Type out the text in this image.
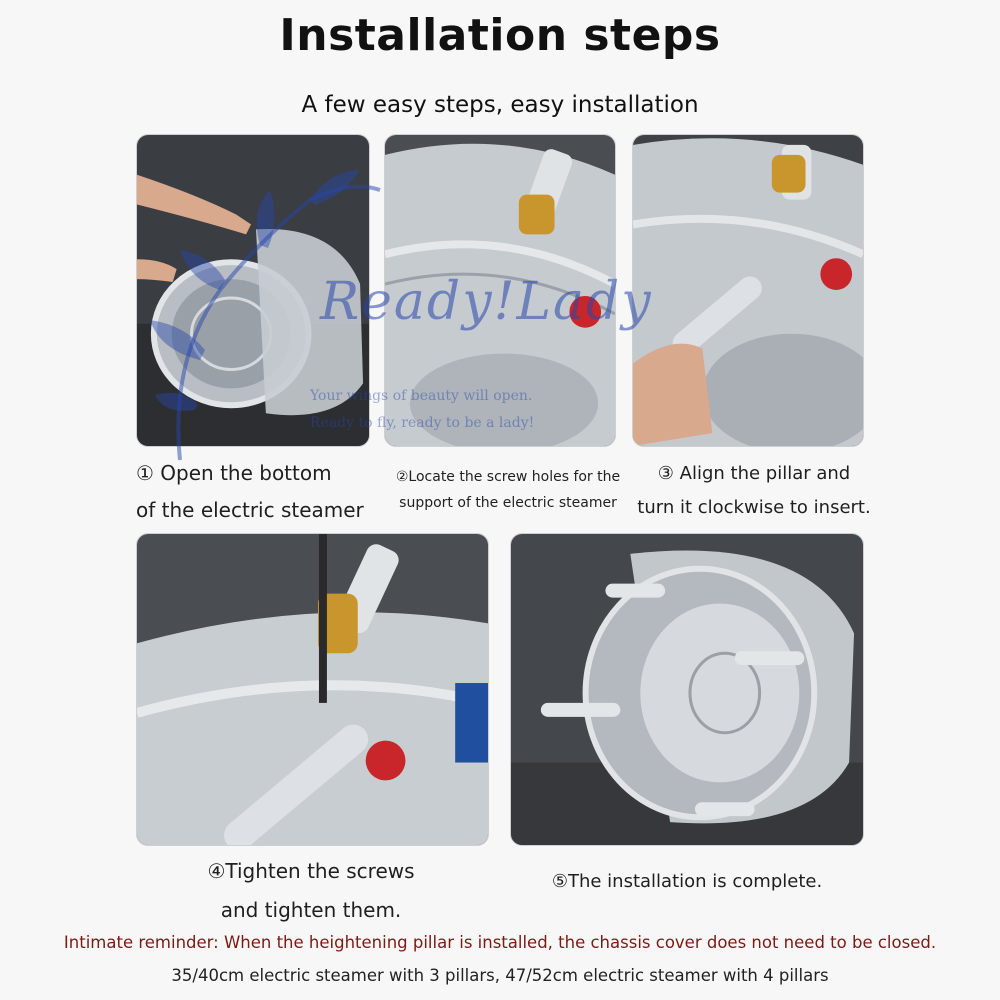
Installation steps
A few easy steps, easy installation
Ready!Lady
Your wings of beauty will open.
Ready to fly, ready to be a lady!
① Open the bottom
of the electric steamer
②Locate the screw holes for the
support of the electric steamer
③ Align the pillar and
turn it clockwise to insert.
④Tighten the screws
and tighten them.
⑤The installation is complete.
Intimate reminder: When the heightening pillar is installed, the chassis cover does not need to be closed.
35/40cm electric steamer with 3 pillars, 47/52cm electric steamer with 4 pillars
